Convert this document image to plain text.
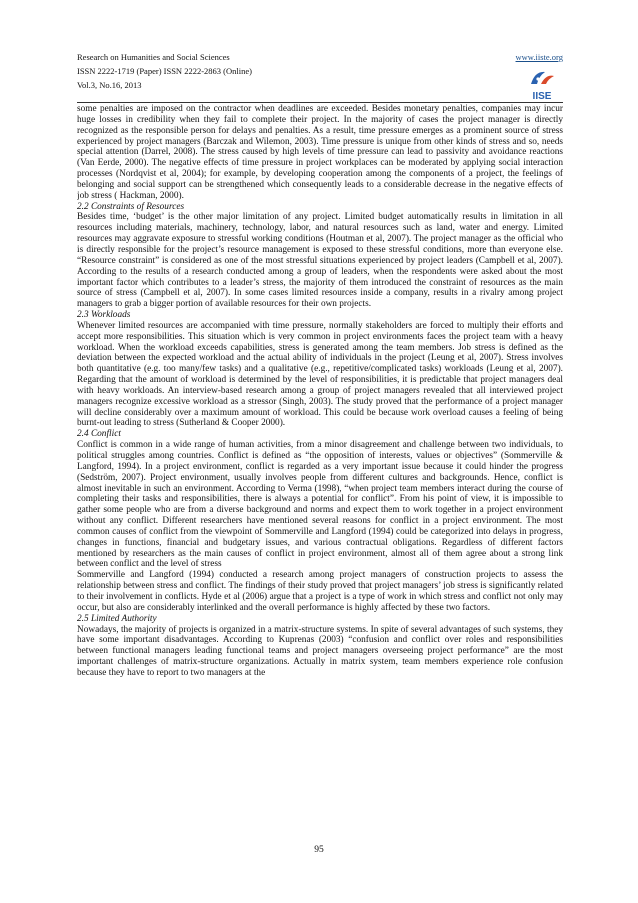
Research on Humanities and Social Sciences
ISSN 2222-1719 (Paper) ISSN 2222-2863 (Online)
Vol.3, No.16, 2013
www.iiste.org
IISE

some penalties are imposed on the contractor when deadlines are exceeded. Besides monetary penalties, companies may incur huge losses in credibility when they fail to complete their project. In the majority of cases the project manager is directly recognized as the responsible person for delays and penalties. As a result, time pressure emerges as a prominent source of stress experienced by project managers (Barczak and Wilemon, 2003). Time pressure is unique from other kinds of stress and so, needs special attention (Darrel, 2008). The stress caused by high levels of time pressure can lead to passivity and avoidance reactions (Van Eerde, 2000). The negative effects of time pressure in project workplaces can be moderated by applying social interaction processes (Nordqvist et al, 2004); for example, by developing cooperation among the components of a project, the feelings of belonging and social support can be strengthened which consequently leads to a considerable decrease in the negative effects of job stress ( Hackman, 2000).

2.2 Constraints of Resources

Besides time, ‘budget’ is the other major limitation of any project. Limited budget automatically results in limitation in all resources including materials, machinery, technology, labor, and natural resources such as land, water and energy. Limited resources may aggravate exposure to stressful working conditions (Houtman et al, 2007). The project manager as the official who is directly responsible for the project’s resource management is exposed to these stressful conditions, more than everyone else. “Resource constraint” is considered as one of the most stressful situations experienced by project leaders (Campbell et al, 2007). According to the results of a research conducted among a group of leaders, when the respondents were asked about the most important factor which contributes to a leader’s stress, the majority of them introduced the constraint of resources as the main source of stress (Campbell et al, 2007). In some cases limited resources inside a company, results in a rivalry among project managers to grab a bigger portion of available resources for their own projects.

2.3 Workloads

Whenever limited resources are accompanied with time pressure, normally stakeholders are forced to multiply their efforts and accept more responsibilities. This situation which is very common in project environments faces the project team with a heavy workload. When the workload exceeds capabilities, stress is generated among the team members. Job stress is defined as the deviation between the expected workload and the actual ability of individuals in the project (Leung et al, 2007). Stress involves both quantitative (e.g. too many/few tasks) and a qualitative (e.g., repetitive/complicated tasks) workloads (Leung et al, 2007). Regarding that the amount of workload is determined by the level of responsibilities, it is predictable that project managers deal with heavy workloads. An interview-based research among a group of project managers revealed that all interviewed project managers recognize excessive workload as a stressor (Singh, 2003). The study proved that the performance of a project manager will decline considerably over a maximum amount of workload. This could be because work overload causes a feeling of being burnt-out leading to stress (Sutherland & Cooper 2000).

2.4 Conflict

Conflict is common in a wide range of human activities, from a minor disagreement and challenge between two individuals, to political struggles among countries. Conflict is defined as “the opposition of interests, values or objectives” (Sommerville & Langford, 1994). In a project environment, conflict is regarded as a very important issue because it could hinder the progress (Sedström, 2007). Project environment, usually involves people from different cultures and backgrounds. Hence, conflict is almost inevitable in such an environment. According to Verma (1998), “when project team members interact during the course of completing their tasks and responsibilities, there is always a potential for conflict”. From his point of view, it is impossible to gather some people who are from a diverse background and norms and expect them to work together in a project environment without any conflict. Different researchers have mentioned several reasons for conflict in a project environment. The most common causes of conflict from the viewpoint of Sommerville and Langford (1994) could be categorized into delays in progress, changes in functions, financial and budgetary issues, and various contractual obligations. Regardless of different factors mentioned by researchers as the main causes of conflict in project environment, almost all of them agree about a strong link between conflict and the level of stress

Sommerville and Langford (1994) conducted a research among project managers of construction projects to assess the relationship between stress and conflict. The findings of their study proved that project managers’ job stress is significantly related to their involvement in conflicts. Hyde et al (2006) argue that a project is a type of work in which stress and conflict not only may occur, but also are considerably interlinked and the overall performance is highly affected by these two factors.

2.5 Limited Authority

Nowadays, the majority of projects is organized in a matrix-structure systems. In spite of several advantages of such systems, they have some important disadvantages. According to Kuprenas (2003) “confusion and conflict over roles and responsibilities between functional managers leading functional teams and project managers overseeing project performance” are the most important challenges of matrix-structure organizations. Actually in matrix system, team members experience role confusion because they have to report to two managers at the

95
